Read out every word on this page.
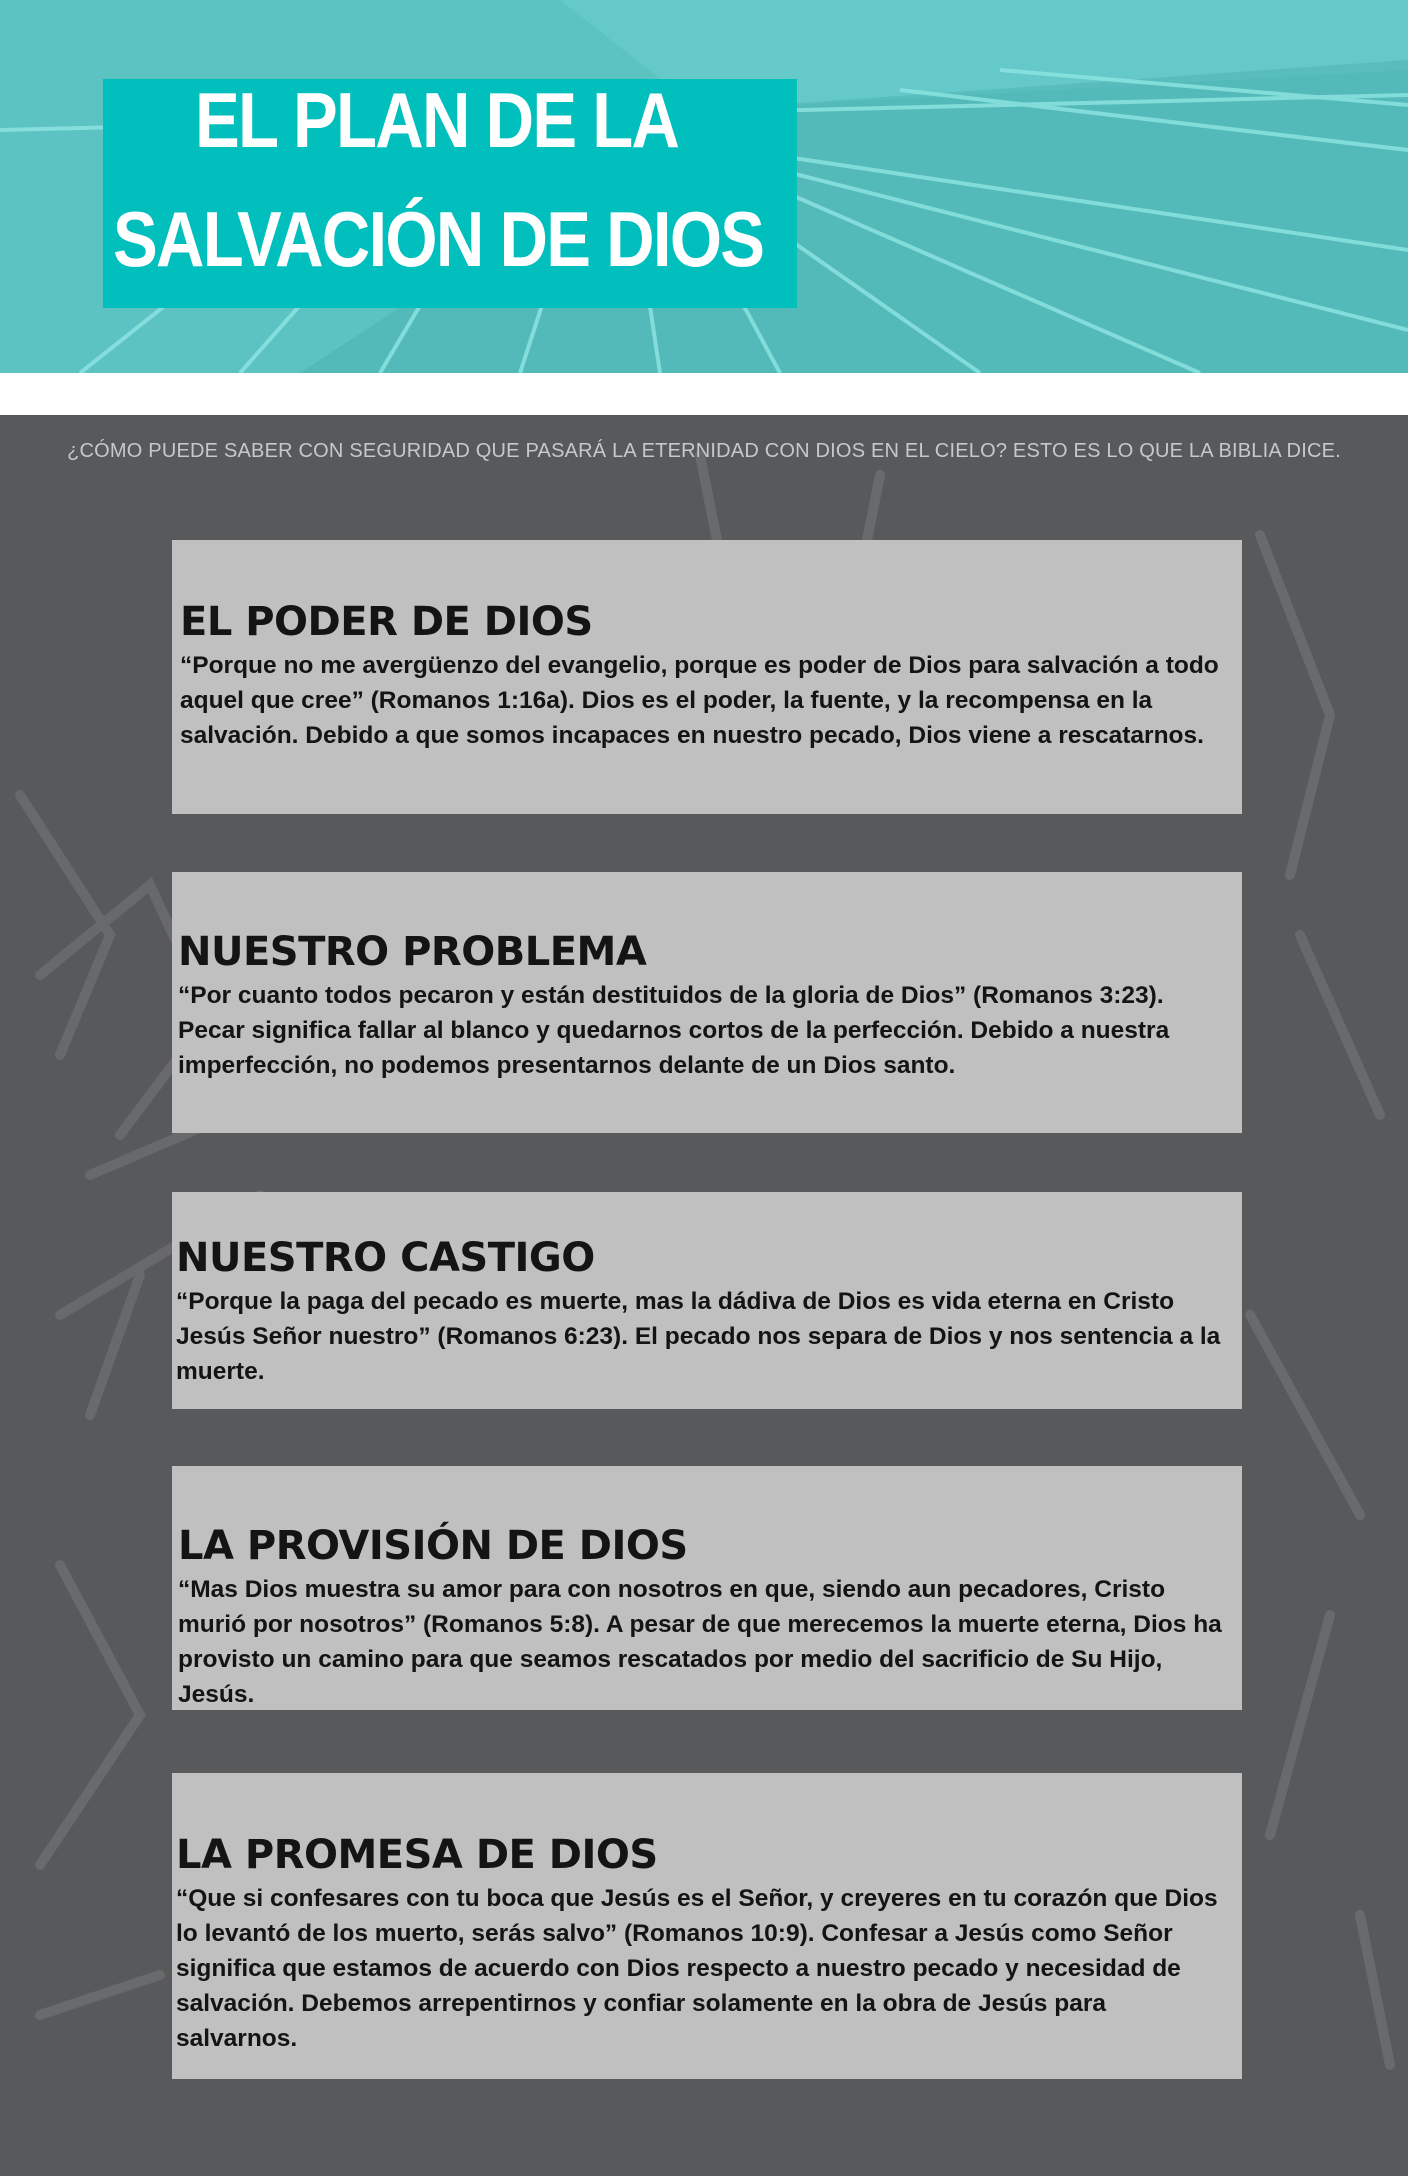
EL PLAN DE LA
SALVACIÓN DE DIOS

¿CÓMO PUEDE SABER CON SEGURIDAD QUE PASARÁ LA ETERNIDAD CON DIOS EN EL CIELO? ESTO ES LO QUE LA BIBLIA DICE.

EL PODER DE DIOS

“Porque no me avergüenzo del evangelio, porque es poder de Dios para salvación a todo aquel que cree” (Romanos 1:16a). Dios es el poder, la fuente, y la recompensa en la salvación. Debido a que somos incapaces en nuestro pecado, Dios viene a rescatarnos.

NUESTRO PROBLEMA

“Por cuanto todos pecaron y están destituidos de la gloria de Dios” (Romanos 3:23). Pecar significa fallar al blanco y quedarnos cortos de la perfección. Debido a nuestra imperfección, no podemos presentarnos delante de un Dios santo.

NUESTRO CASTIGO

“Porque la paga del pecado es muerte, mas la dádiva de Dios es vida eterna en Cristo Jesús Señor nuestro” (Romanos 6:23). El pecado nos separa de Dios y nos sentencia a la muerte.

LA PROVISIÓN DE DIOS

“Mas Dios muestra su amor para con nosotros en que, siendo aun pecadores, Cristo murió por nosotros” (Romanos 5:8). A pesar de que merecemos la muerte eterna, Dios ha provisto un camino para que seamos rescatados por medio del sacrificio de Su Hijo, Jesús.

LA PROMESA DE DIOS

“Que si confesares con tu boca que Jesús es el Señor, y creyeres en tu corazón que Dios lo levantó de los muerto, serás salvo” (Romanos 10:9). Confesar a Jesús como Señor significa que estamos de acuerdo con Dios respecto a nuestro pecado y necesidad de salvación. Debemos arrepentirnos y confiar solamente en la obra de Jesús para salvarnos.
